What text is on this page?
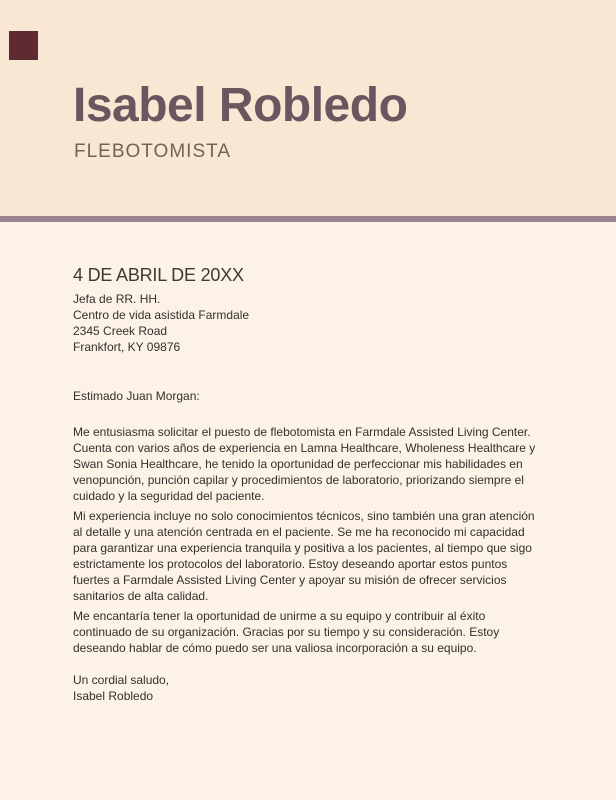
Isabel Robledo
FLEBOTOMISTA
4 DE ABRIL DE 20XX
Jefa de RR. HH.
Centro de vida asistida Farmdale
2345 Creek Road
Frankfort, KY 09876

Estimado Juan Morgan:

Me entusiasma solicitar el puesto de flebotomista en Farmdale Assisted Living Center. Cuenta con varios años de experiencia en Lamna Healthcare, Wholeness Healthcare y Swan Sonia Healthcare, he tenido la oportunidad de perfeccionar mis habilidades en venopunción, punción capilar y procedimientos de laboratorio, priorizando siempre el cuidado y la seguridad del paciente.

Mi experiencia incluye no solo conocimientos técnicos, sino también una gran atención al detalle y una atención centrada en el paciente. Se me ha reconocido mi capacidad para garantizar una experiencia tranquila y positiva a los pacientes, al tiempo que sigo estrictamente los protocolos del laboratorio. Estoy deseando aportar estos puntos fuertes a Farmdale Assisted Living Center y apoyar su misión de ofrecer servicios sanitarios de alta calidad.

Me encantaría tener la oportunidad de unirme a su equipo y contribuir al éxito continuado de su organización. Gracias por su tiempo y su consideración. Estoy deseando hablar de cómo puedo ser una valiosa incorporación a su equipo.

Un cordial saludo,
Isabel Robledo
